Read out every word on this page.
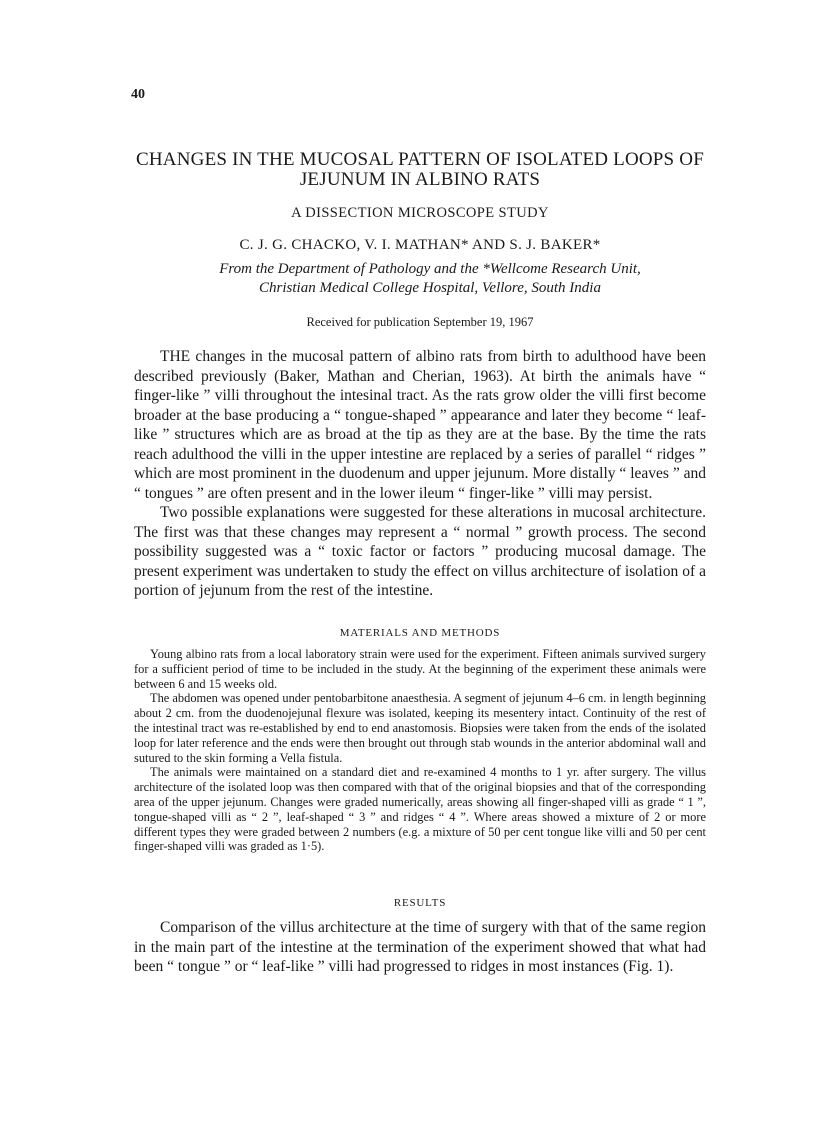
40
CHANGES IN THE MUCOSAL PATTERN OF ISOLATED LOOPS OF JEJUNUM IN ALBINO RATS
A DISSECTION MICROSCOPE STUDY
C. J. G. CHACKO, V. I. MATHAN* AND S. J. BAKER*
From the Department of Pathology and the *Wellcome Research Unit, Christian Medical College Hospital, Vellore, South India
Received for publication September 19, 1967

THE changes in the mucosal pattern of albino rats from birth to adulthood have been described previously (Baker, Mathan and Cherian, 1963). At birth the animals have “ finger-like ” villi throughout the intesinal tract. As the rats grow older the villi first become broader at the base producing a “ tongue-shaped ” appearance and later they become “ leaf-like ” structures which are as broad at the tip as they are at the base. By the time the rats reach adulthood the villi in the upper intestine are replaced by a series of parallel “ ridges ” which are most prominent in the duodenum and upper jejunum. More distally “ leaves ” and “ tongues ” are often present and in the lower ileum “ finger-like ” villi may persist.

Two possible explanations were suggested for these alterations in mucosal architecture. The first was that these changes may represent a “ normal ” growth process. The second possibility suggested was a “ toxic factor or factors ” producing mucosal damage. The present experiment was undertaken to study the effect on villus architecture of isolation of a portion of jejunum from the rest of the intestine.

MATERIALS AND METHODS

Young albino rats from a local laboratory strain were used for the experiment. Fifteen animals survived surgery for a sufficient period of time to be included in the study. At the beginning of the experiment these animals were between 6 and 15 weeks old.

The abdomen was opened under pentobarbitone anaesthesia. A segment of jejunum 4–6 cm. in length beginning about 2 cm. from the duodenojejunal flexure was isolated, keeping its mesentery intact. Continuity of the rest of the intestinal tract was re-established by end to end anastomosis. Biopsies were taken from the ends of the isolated loop for later reference and the ends were then brought out through stab wounds in the anterior abdominal wall and sutured to the skin forming a Vella fistula.

The animals were maintained on a standard diet and re-examined 4 months to 1 yr. after surgery. The villus architecture of the isolated loop was then compared with that of the original biopsies and that of the corresponding area of the upper jejunum. Changes were graded numerically, areas showing all finger-shaped villi as grade “ 1 ”, tongue-shaped villi as “ 2 ”, leaf-shaped “ 3 ” and ridges “ 4 ”. Where areas showed a mixture of 2 or more different types they were graded between 2 numbers (e.g. a mixture of 50 per cent tongue like villi and 50 per cent finger-shaped villi was graded as 1·5).

RESULTS

Comparison of the villus architecture at the time of surgery with that of the same region in the main part of the intestine at the termination of the experiment showed that what had been “ tongue ” or “ leaf-like ” villi had progressed to ridges in most instances (Fig. 1).
